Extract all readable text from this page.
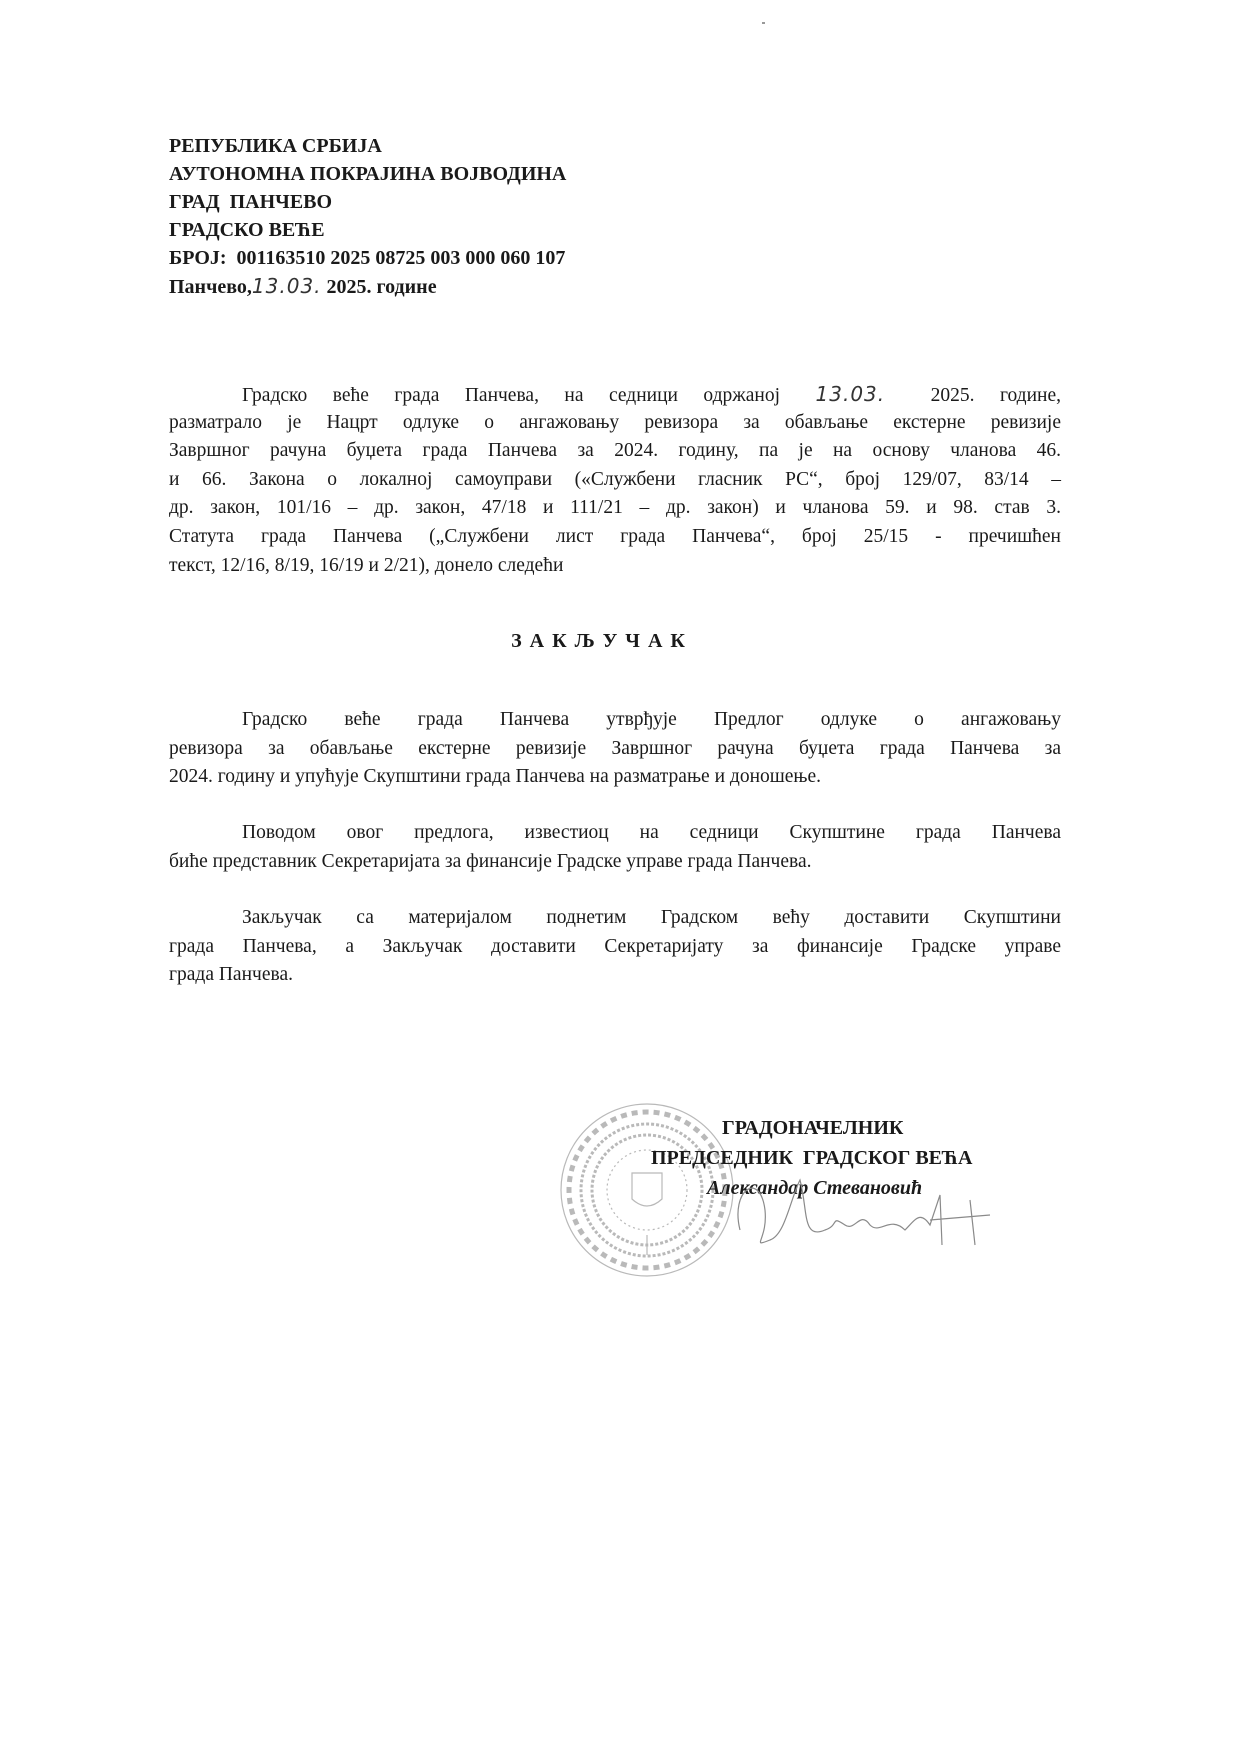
РЕПУБЛИКА СРБИЈА
АУТОНОМНА ПОКРАЈИНА ВОЈВОДИНА
ГРАД  ПАНЧЕВО
ГРАДСКО ВЕЋЕ
БРОЈ:  001163510 2025 08725 003 000 060 107
Панчево,13.03. 2025. године
Градско веће града Панчева, на седници одржаној 13.03. 2025. године,
разматрало је Нацрт одлуке о ангажовању ревизора за обављање екстерне ревизије
Завршног рачуна буџета града Панчева за 2024. годину, па је на основу чланова 46.
и 66. Закона о локалној самоуправи («Службени гласник РС“, број 129/07, 83/14 –
др. закон, 101/16 – др. закон, 47/18 и 111/21 – др. закон) и чланова 59. и 98. став 3.
Статута града Панчева („Службени лист града Панчева“, број 25/15 - пречишћен
текст, 12/16, 8/19, 16/19 и 2/21), донело следећи
ЗАКЉУЧАК
Градско веће града Панчева утврђује Предлог одлуке о ангажовању
ревизора за обављање екстерне ревизије Завршног рачуна буџета града Панчева за
2024. годину и упућује Скупштини града Панчева на разматрање и доношење.
Поводом овог предлога, известиоц на седници Скупштине града Панчева
биће представник Секретаријата за финансије Градске управе града Панчева.
Закључак са материјалом поднетим Градском већу доставити Скупштини
града Панчева, а Закључак доставити Секретаријату за финансије Градске управе
града Панчева.
ГРАДОНАЧЕЛНИК
ПРЕДСЕДНИК  ГРАДСКОГ ВЕЋА
Александар Стевановић
